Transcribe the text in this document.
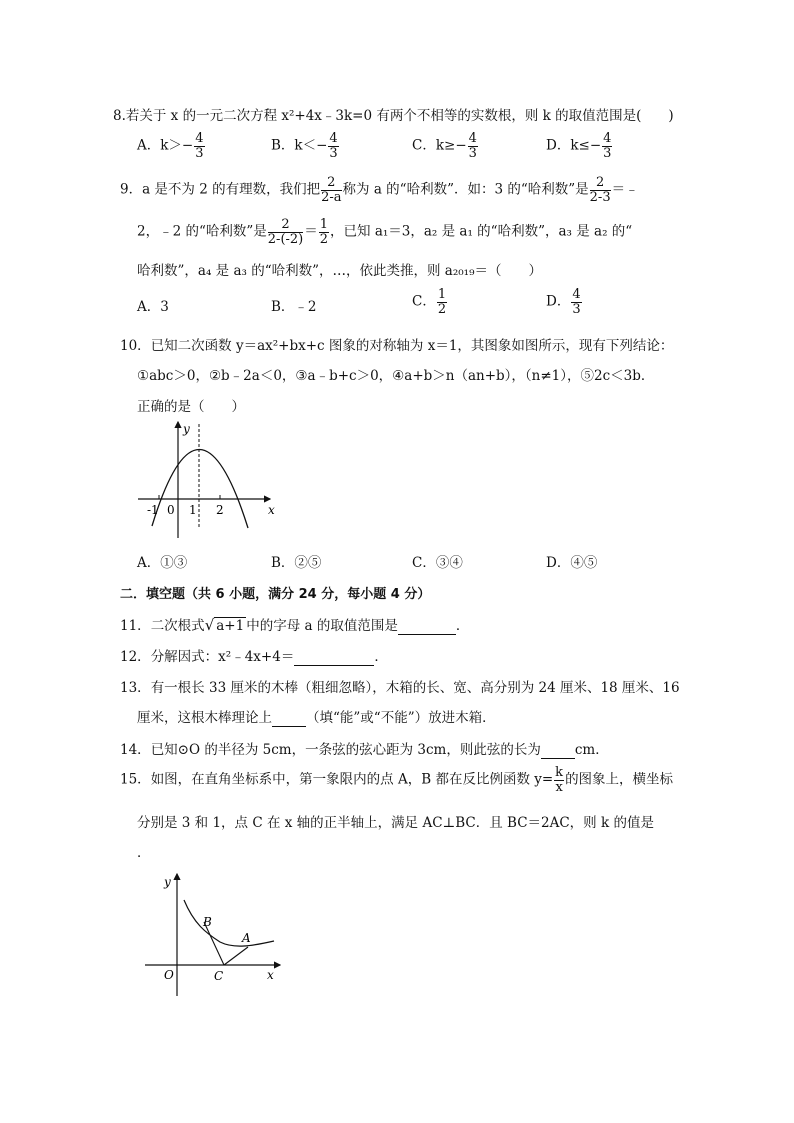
8.若关于 x 的一元二次方程 x²+4x﹣3k=0 有两个不相等的实数根，则 k 的取值范围是(　　)
A．$k>- \frac{4}{3}$	B．$k<- \frac{4}{3}$	C．$k\ge- \frac{4}{3}$	D．$k\le- \frac{4}{3}$
9．a 是不为 2 的有理数，我们把 $\frac{2}{2-a}$ 称为 a 的“哈利数”．如：3 的“哈利数”是 $\frac{2}{2-3}$ ＝﹣
2，﹣2 的“哈利数”是 $\frac{2}{2-(-2)} = \frac{1}{2}$ ，已知 a₁＝3，a₂ 是 a₁ 的“哈利数”，a₃ 是 a₂ 的“
哈利数”，a₄ 是 a₃ 的“哈利数”，…，依此类推，则 a₂₀₁₉＝（　　）
A．3	B．﹣2	C． $\frac{1}{2}$	D． $\frac{4}{3}$
10．已知二次函数 y＝ax²+bx+c 图象的对称轴为 x＝1，其图象如图所示，现有下列结论：
①abc＞0，②b﹣2a＜0，③a﹣b+c＞0，④a+b＞n（an+b），（n≠1），⑤2c＜3b．
正确的是（　　）
y
x
-1 0 1 2
A．①③	B．②⑤	C．③④	D．④⑤
二．填空题（共 6 小题，满分 24 分，每小题 4 分）
11．二次根式√ a+1 中的字母 a 的取值范围是	．
12．分解因式：x²﹣4x+4＝	．
13．有一根长 33 厘米的木棒（粗细忽略），木箱的长、宽、高分别为 24 厘米、18 厘米、16
厘米，这根木棒理论上	（填“能”或“不能”）放进木箱．
14．已知⊙O 的半径为 5cm，一条弦的弦心距为 3cm，则此弦的长为	cm．
15．如图，在直角坐标系中，第一象限内的点 A，B 都在反比例函数 $y= \frac{k}{x}$ 的图象上，横坐标
分别是 3 和 1，点 C 在 x 轴的正半轴上，满足 AC⊥BC．且 BC＝2AC，则 k 的值是
．
y
x
O
B
A
C
